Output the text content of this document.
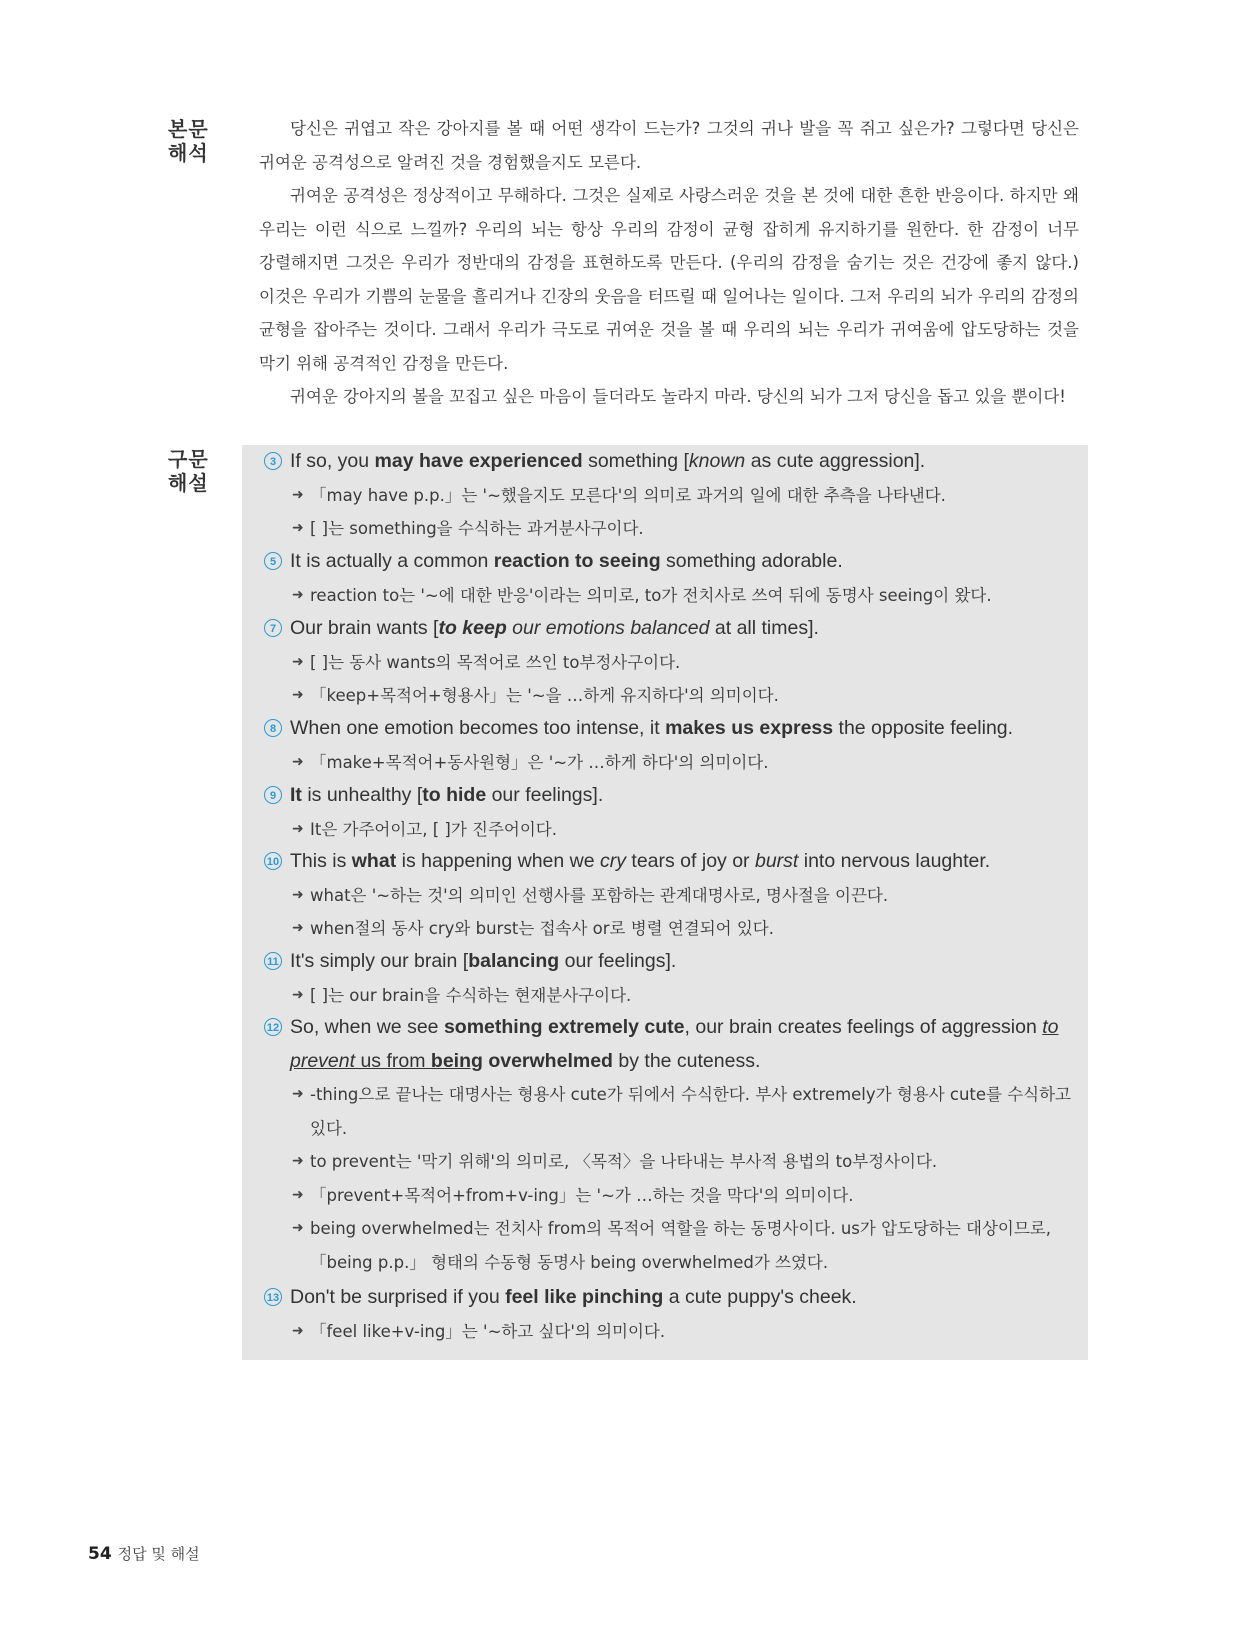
본문
해석

당신은 귀엽고 작은 강아지를 볼 때 어떤 생각이 드는가? 그것의 귀나 발을 꼭 쥐고 싶은가? 그렇다면 당신은 귀여운 공격성으로 알려진 것을 경험했을지도 모른다.

귀여운 공격성은 정상적이고 무해하다. 그것은 실제로 사랑스러운 것을 본 것에 대한 흔한 반응이다. 하지만 왜 우리는 이런 식으로 느낄까? 우리의 뇌는 항상 우리의 감정이 균형 잡히게 유지하기를 원한다. 한 감정이 너무 강렬해지면 그것은 우리가 정반대의 감정을 표현하도록 만든다. (우리의 감정을 숨기는 것은 건강에 좋지 않다.) 이것은 우리가 기쁨의 눈물을 흘리거나 긴장의 웃음을 터뜨릴 때 일어나는 일이다. 그저 우리의 뇌가 우리의 감정의 균형을 잡아주는 것이다. 그래서 우리가 극도로 귀여운 것을 볼 때 우리의 뇌는 우리가 귀여움에 압도당하는 것을 막기 위해 공격적인 감정을 만든다.

귀여운 강아지의 볼을 꼬집고 싶은 마음이 들더라도 놀라지 마라. 당신의 뇌가 그저 당신을 돕고 있을 뿐이다!

구문
해설
3 If so, you may have experienced something [known as cute aggression].
➜ 「may have p.p.」는 '~했을지도 모른다'의 의미로 과거의 일에 대한 추측을 나타낸다.
➜ [ ]는 something을 수식하는 과거분사구이다.
5 It is actually a common reaction to seeing something adorable.
➜ reaction to는 '~에 대한 반응'이라는 의미로, to가 전치사로 쓰여 뒤에 동명사 seeing이 왔다.
7 Our brain wants [to keep our emotions balanced at all times].
➜ [ ]는 동사 wants의 목적어로 쓰인 to부정사구이다.
➜ 「keep+목적어+형용사」는 '~을 …하게 유지하다'의 의미이다.
8 When one emotion becomes too intense, it makes us express the opposite feeling.
➜ 「make+목적어+동사원형」은 '~가 …하게 하다'의 의미이다.
9 It is unhealthy [to hide our feelings].
➜ It은 가주어이고, [ ]가 진주어이다.
10 This is what is happening when we cry tears of joy or burst into nervous laughter.
➜ what은 '~하는 것'의 의미인 선행사를 포함하는 관계대명사로, 명사절을 이끈다.
➜ when절의 동사 cry와 burst는 접속사 or로 병렬 연결되어 있다.
11 It's simply our brain [balancing our feelings].
➜ [ ]는 our brain을 수식하는 현재분사구이다.
12 So, when we see something extremely cute, our brain creates feelings of aggression to prevent us from being overwhelmed by the cuteness.
➜ -thing으로 끝나는 대명사는 형용사 cute가 뒤에서 수식한다. 부사 extremely가 형용사 cute를 수식하고 있다.
➜ to prevent는 '막기 위해'의 의미로, 〈목적〉을 나타내는 부사적 용법의 to부정사이다.
➜ 「prevent+목적어+from+v-ing」는 '~가 …하는 것을 막다'의 의미이다.
➜ being overwhelmed는 전치사 from의 목적어 역할을 하는 동명사이다. us가 압도당하는 대상이므로, 「being p.p.」 형태의 수동형 동명사 being overwhelmed가 쓰였다.
13 Don't be surprised if you feel like pinching a cute puppy's cheek.
➜ 「feel like+v-ing」는 '~하고 싶다'의 의미이다.
54 정답 및 해설
